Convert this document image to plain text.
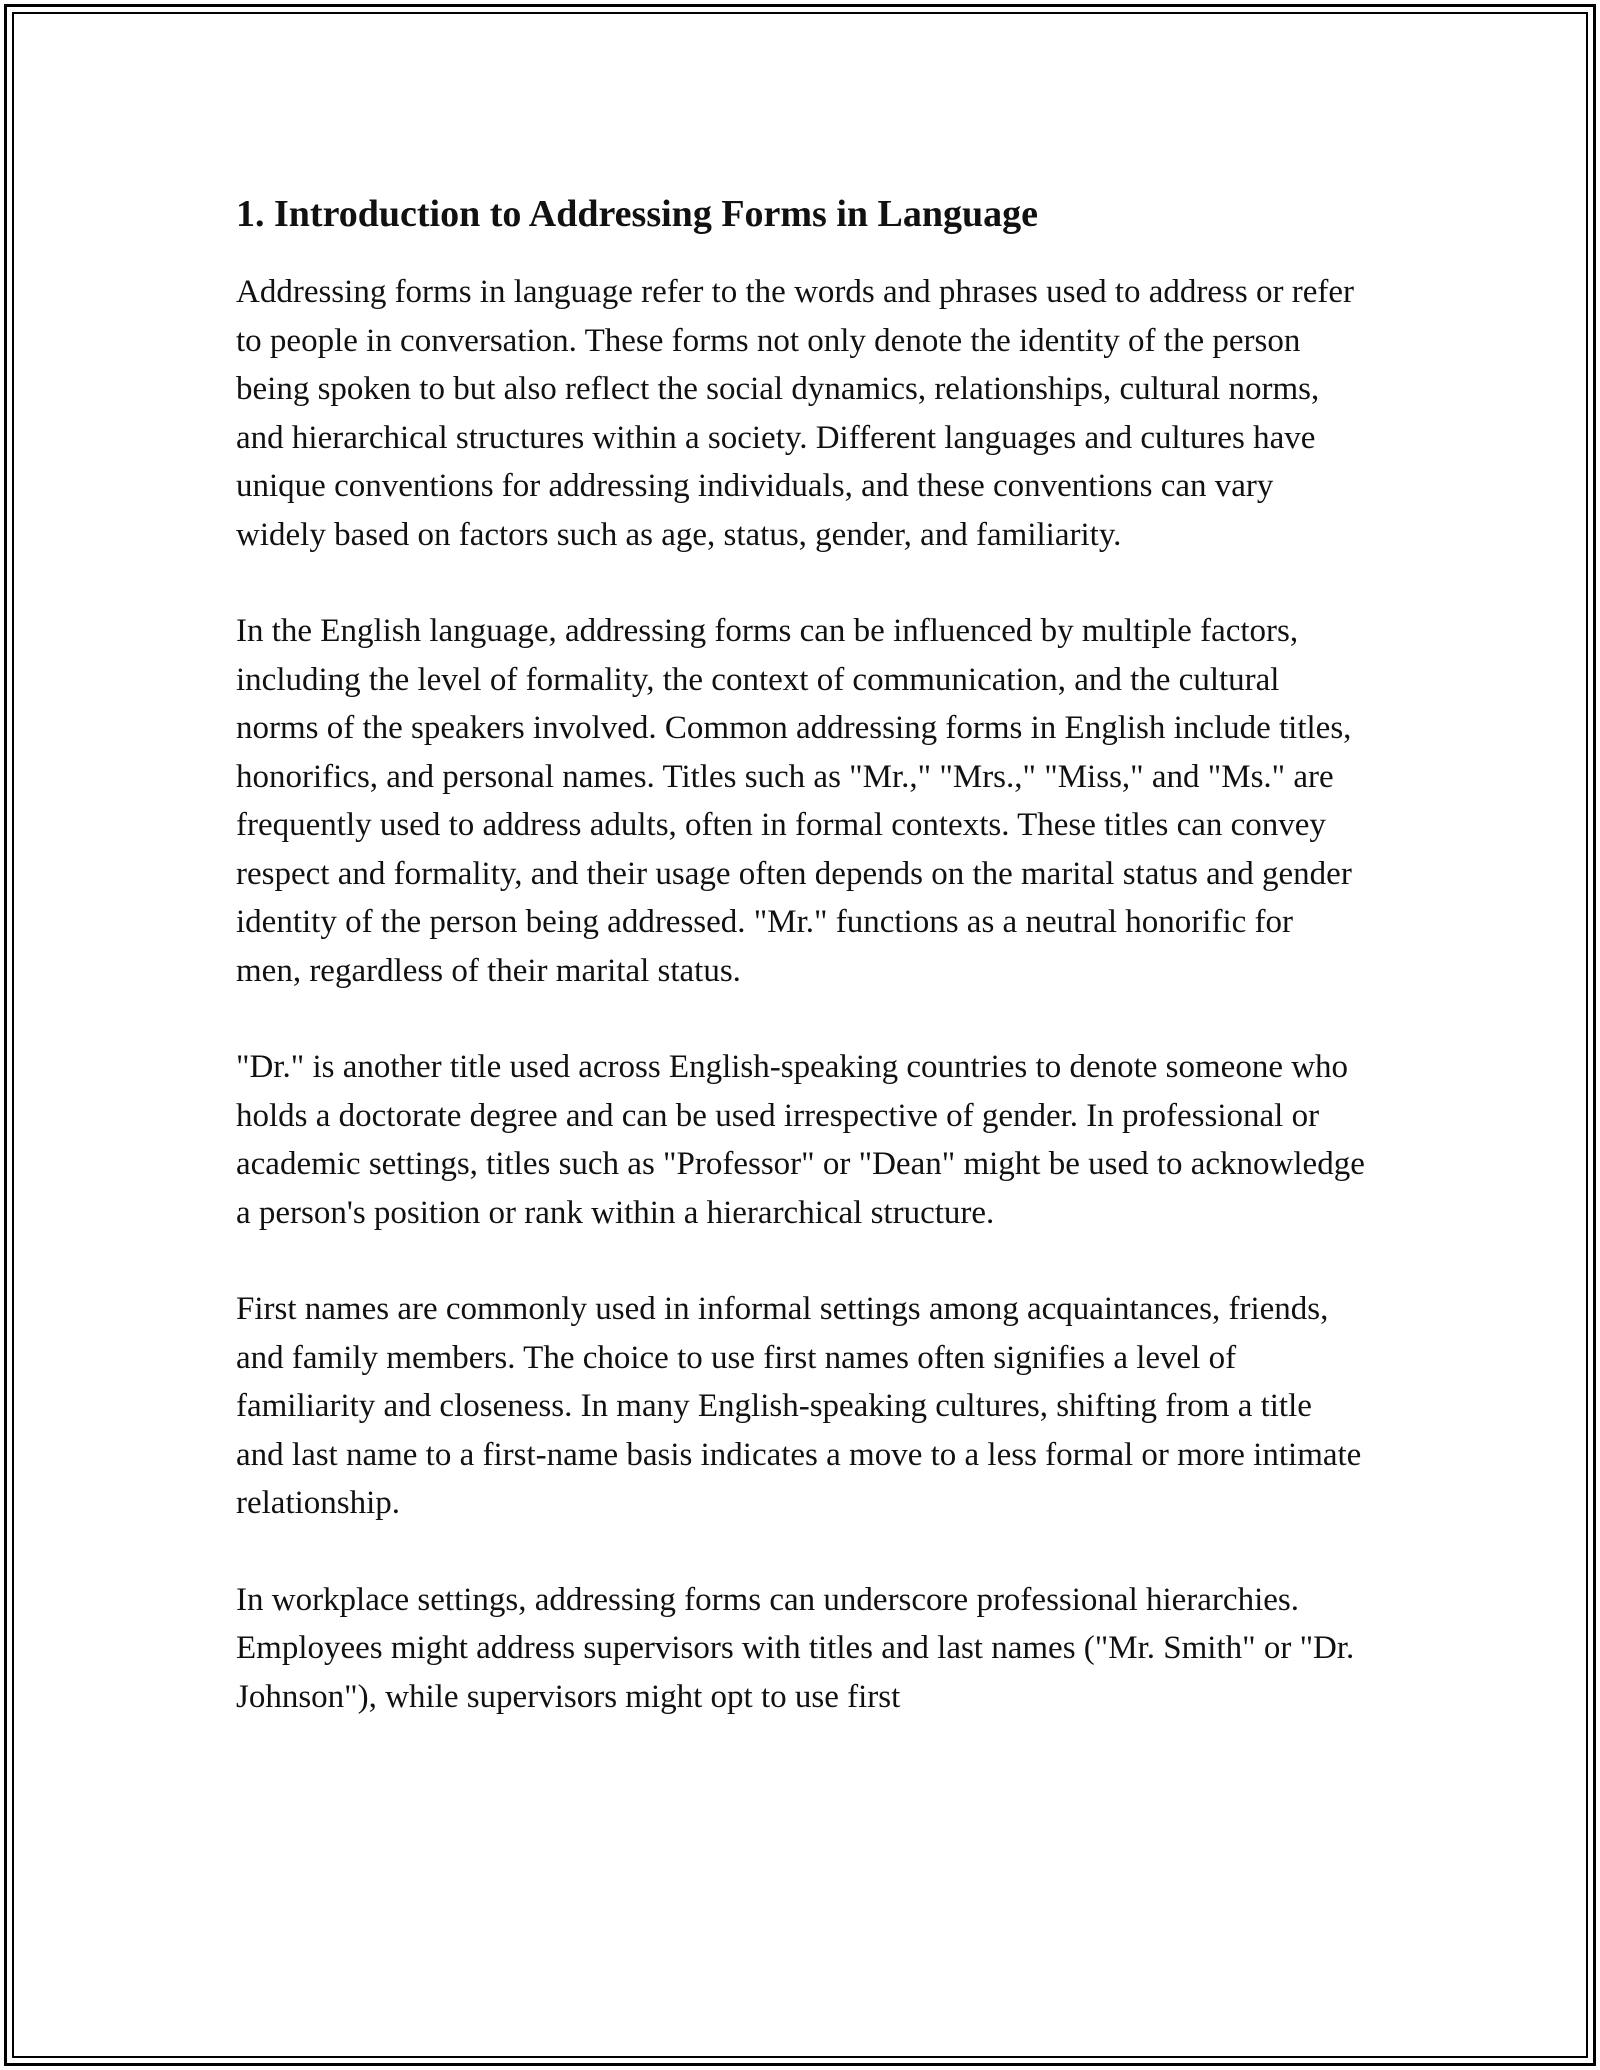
1. Introduction to Addressing Forms in Language

Addressing forms in language refer to the words and phrases used to address or refer to people in conversation. These forms not only denote the identity of the person being spoken to but also reflect the social dynamics, relationships, cultural norms, and hierarchical structures within a society. Different languages and cultures have unique conventions for addressing individuals, and these conventions can vary widely based on factors such as age, status, gender, and familiarity.

In the English language, addressing forms can be influenced by multiple factors, including the level of formality, the context of communication, and the cultural norms of the speakers involved. Common addressing forms in English include titles, honorifics, and personal names. Titles such as "Mr.," "Mrs.," "Miss," and "Ms." are frequently used to address adults, often in formal contexts. These titles can convey respect and formality, and their usage often depends on the marital status and gender identity of the person being addressed. "Mr." functions as a neutral honorific for men, regardless of their marital status.

"Dr." is another title used across English-speaking countries to denote someone who holds a doctorate degree and can be used irrespective of gender. In professional or academic settings, titles such as "Professor" or "Dean" might be used to acknowledge a person's position or rank within a hierarchical structure.

First names are commonly used in informal settings among acquaintances, friends, and family members. The choice to use first names often signifies a level of familiarity and closeness. In many English-speaking cultures, shifting from a title and last name to a first-name basis indicates a move to a less formal or more intimate relationship.

In workplace settings, addressing forms can underscore professional hierarchies. Employees might address supervisors with titles and last names ("Mr. Smith" or "Dr. Johnson"), while supervisors might opt to use first
